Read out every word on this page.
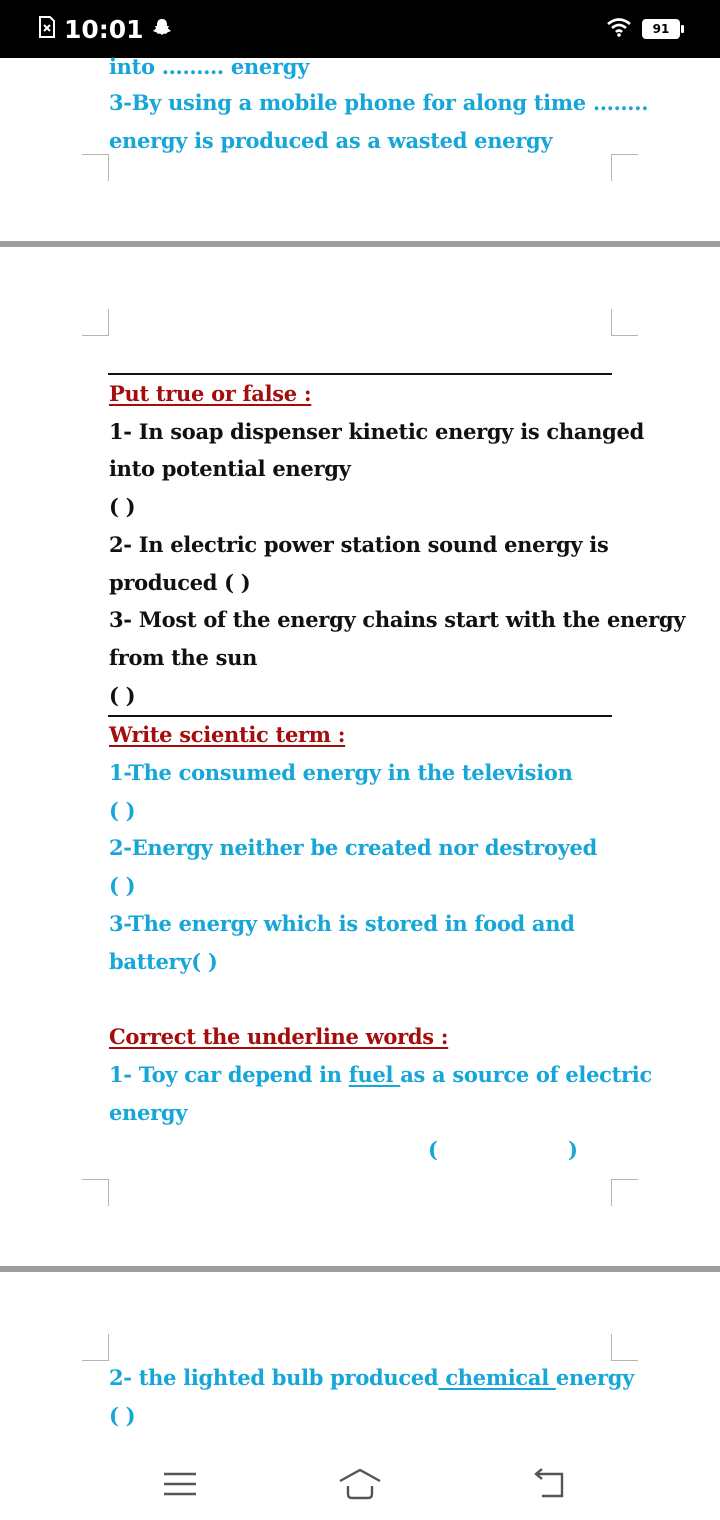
10:01	91
into ……… energy
3-By using a mobile phone for along time ……..
energy is produced as a wasted energy
Put true or false :
1- In soap dispenser kinetic energy is changed
into potential energy
( )
2- In electric power station sound energy is
produced ( )
3- Most of the energy chains start with the energy
from the sun
( )
Write scientic term :
1-The consumed energy in the television
( )
2-Energy neither be created nor destroyed
( )
3-The energy which is stored in food and
battery( )
Correct the underline words :
1- Toy car depend in fuel as a source of electric
energy
(	)
2- the lighted bulb produced chemical energy
( )
